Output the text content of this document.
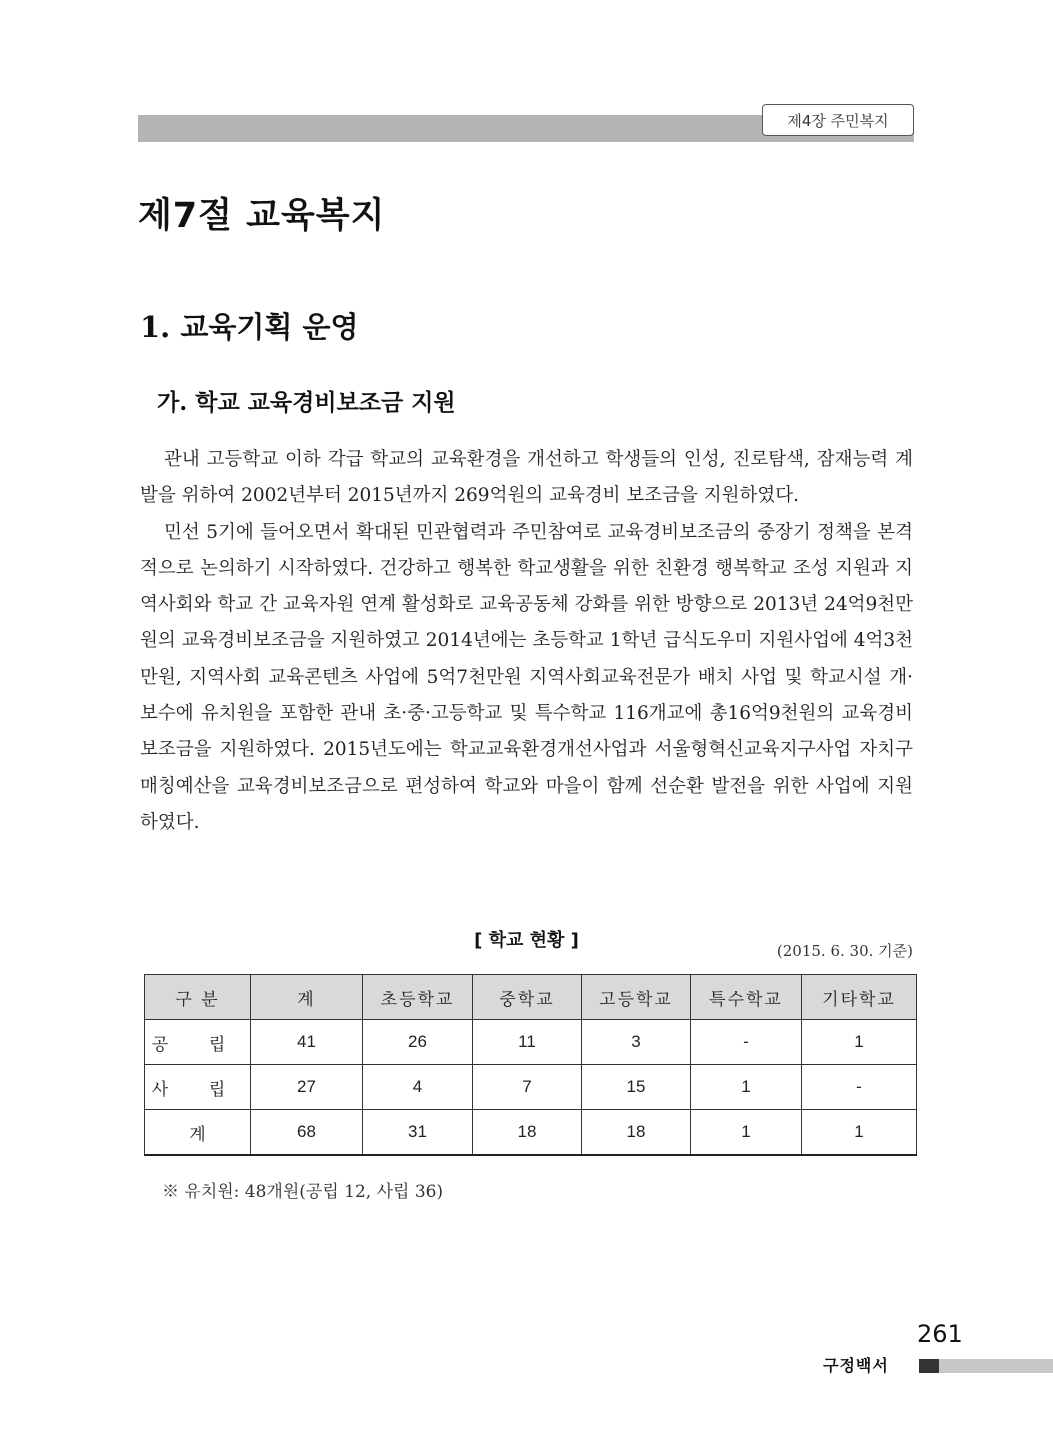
제4장 주민복지
제7절 교육복지
1. 교육기획 운영
가. 학교 교육경비보조금 지원

관내 고등학교 이하 각급 학교의 교육환경을 개선하고 학생들의 인성, 진로탐색, 잠재능력 계발을 위하여 2002년부터 2015년까지 269억원의 교육경비 보조금을 지원하였다.

민선 5기에 들어오면서 확대된 민관협력과 주민참여로 교육경비보조금의 중장기 정책을 본격적으로 논의하기 시작하였다. 건강하고 행복한 학교생활을 위한 친환경 행복학교 조성 지원과 지역사회와 학교 간 교육자원 연계 활성화로 교육공동체 강화를 위한 방향으로 2013년 24억9천만원의 교육경비보조금을 지원하였고 2014년에는 초등학교 1학년 급식도우미 지원사업에 4억3천만원, 지역사회 교육콘텐츠 사업에 5억7천만원 지역사회교육전문가 배치 사업 및 학교시설 개·보수에 유치원을 포함한 관내 초·중·고등학교 및 특수학교 116개교에 총16억9천원의 교육경비보조금을 지원하였다. 2015년도에는 학교교육환경개선사업과 서울형혁신교육지구사업 자치구 매칭예산을 교육경비보조금으로 편성하여 학교와 마을이 함께 선순환 발전을 위한 사업에 지원하였다.

[ 학교 현황 ]	(2015. 6. 30. 기준)
구 분	계	초등학교	중학교	고등학교	특수학교	기타학교
공 립	41	26	11	3	-	1
사 립	27	4	7	15	1	-
계	68	31	18	18	1	1
※ 유치원: 48개원(공립 12, 사립 36)
261
구정백서
